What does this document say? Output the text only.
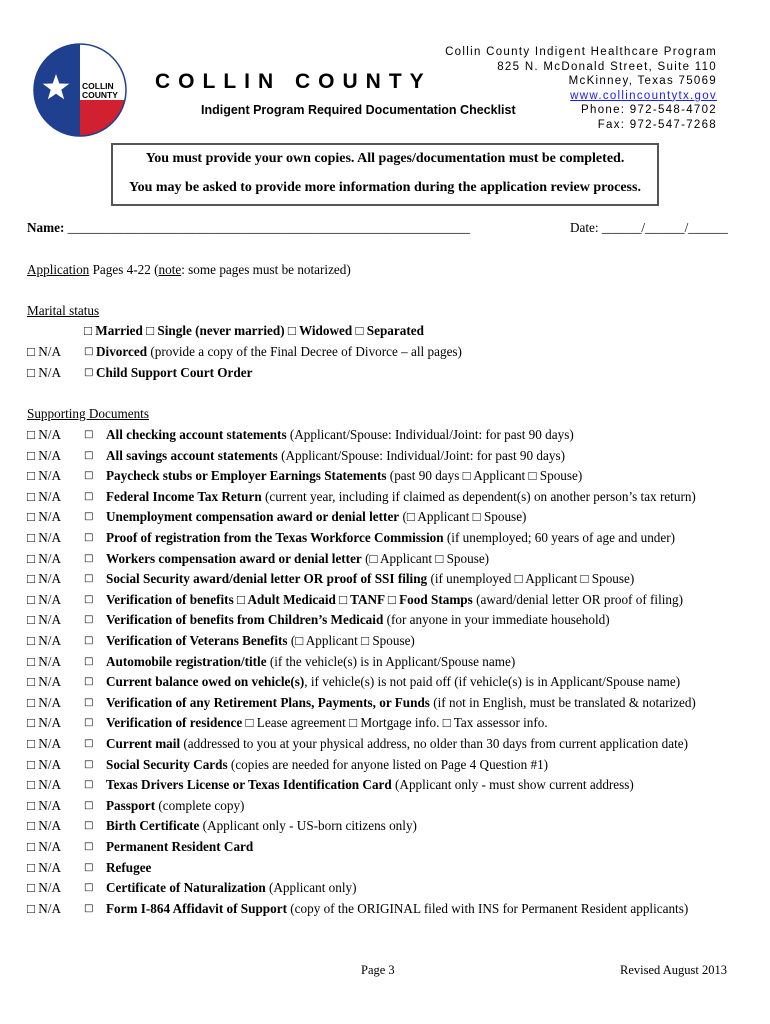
COLLIN
COUNTY
COLLIN COUNTY
Indigent Program Required Documentation Checklist
Collin County Indigent Healthcare Program
825 N. McDonald Street, Suite 110
McKinney, Texas 75069
www.collincountytx.gov
Phone: 972-548-4702
Fax: 972-547-7268
You must provide your own copies. All pages/documentation must be completed.
You may be asked to provide more information during the application review process.
Name: _____________________________________________________________	Date: ______/______/______
Application Pages 4-22 (note: some pages must be notarized)
Marital status
□ Married □ Single (never married) □ Widowed □ Separated
□ N/A □ Divorced (provide a copy of the Final Decree of Divorce – all pages)
□ N/A □ Child Support Court Order
Supporting Documents
□ N/A □ All checking account statements (Applicant/Spouse: Individual/Joint: for past 90 days)
□ N/A □ All savings account statements (Applicant/Spouse: Individual/Joint: for past 90 days)
□ N/A □ Paycheck stubs or Employer Earnings Statements (past 90 days □ Applicant □ Spouse)
□ N/A □ Federal Income Tax Return (current year, including if claimed as dependent(s) on another person’s tax return)
□ N/A □ Unemployment compensation award or denial letter (□ Applicant □ Spouse)
□ N/A □ Proof of registration from the Texas Workforce Commission (if unemployed; 60 years of age and under)
□ N/A □ Workers compensation award or denial letter (□ Applicant □ Spouse)
□ N/A □ Social Security award/denial letter OR proof of SSI filing (if unemployed □ Applicant □ Spouse)
□ N/A □ Verification of benefits □ Adult Medicaid □ TANF □ Food Stamps (award/denial letter OR proof of filing)
□ N/A □ Verification of benefits from Children’s Medicaid (for anyone in your immediate household)
□ N/A □ Verification of Veterans Benefits (□ Applicant □ Spouse)
□ N/A □ Automobile registration/title (if the vehicle(s) is in Applicant/Spouse name)
□ N/A □ Current balance owed on vehicle(s), if vehicle(s) is not paid off (if vehicle(s) is in Applicant/Spouse name)
□ N/A □ Verification of any Retirement Plans, Payments, or Funds (if not in English, must be translated & notarized)
□ N/A □ Verification of residence □ Lease agreement □ Mortgage info. □ Tax assessor info.
□ N/A □ Current mail (addressed to you at your physical address, no older than 30 days from current application date)
□ N/A □ Social Security Cards (copies are needed for anyone listed on Page 4 Question #1)
□ N/A □ Texas Drivers License or Texas Identification Card (Applicant only - must show current address)
□ N/A □ Passport (complete copy)
□ N/A □ Birth Certificate (Applicant only - US-born citizens only)
□ N/A □ Permanent Resident Card
□ N/A □ Refugee
□ N/A □ Certificate of Naturalization (Applicant only)
□ N/A □ Form I-864 Affidavit of Support (copy of the ORIGINAL filed with INS for Permanent Resident applicants)
Page 3	Revised August 2013
